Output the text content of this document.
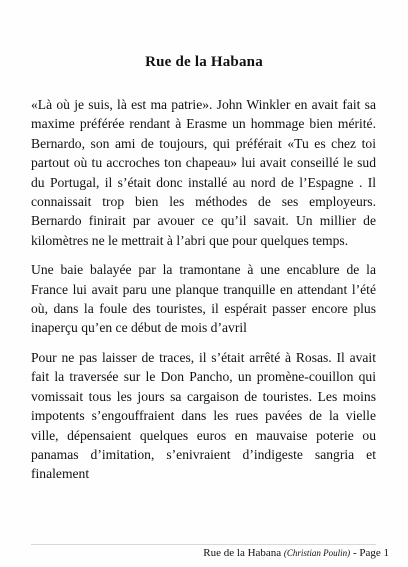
Rue de la Habana

«Là où je suis, là est ma patrie». John Winkler en avait fait sa maxime préférée rendant à Erasme un hommage bien mérité. Bernardo, son ami de toujours, qui préférait «Tu es chez toi partout où tu accroches ton chapeau» lui avait conseillé le sud du Portugal, il s’était donc installé au nord de l’Espagne . Il connaissait trop bien les méthodes de ses employeurs. Bernardo finirait par avouer ce qu’il savait. Un millier de kilomètres ne le mettrait à l’abri que pour quelques temps.

Une baie balayée par la tramontane à une encablure de la France lui avait paru une planque tranquille en attendant l’été où, dans la foule des touristes, il espérait passer encore plus inaperçu qu’en ce début de mois d’avril

Pour ne pas laisser de traces, il s’était arrêté à Rosas. Il avait fait la traversée sur le Don Pancho, un promène-couillon qui vomissait tous les jours sa cargaison de touristes. Les moins impotents s’engouffraient dans les rues pavées de la vielle ville, dépensaient quelques euros en mauvaise poterie ou panamas d’imitation, s’enivraient d’indigeste sangria et finalement

Rue de la Habana (Christian Poulin) - Page 1
